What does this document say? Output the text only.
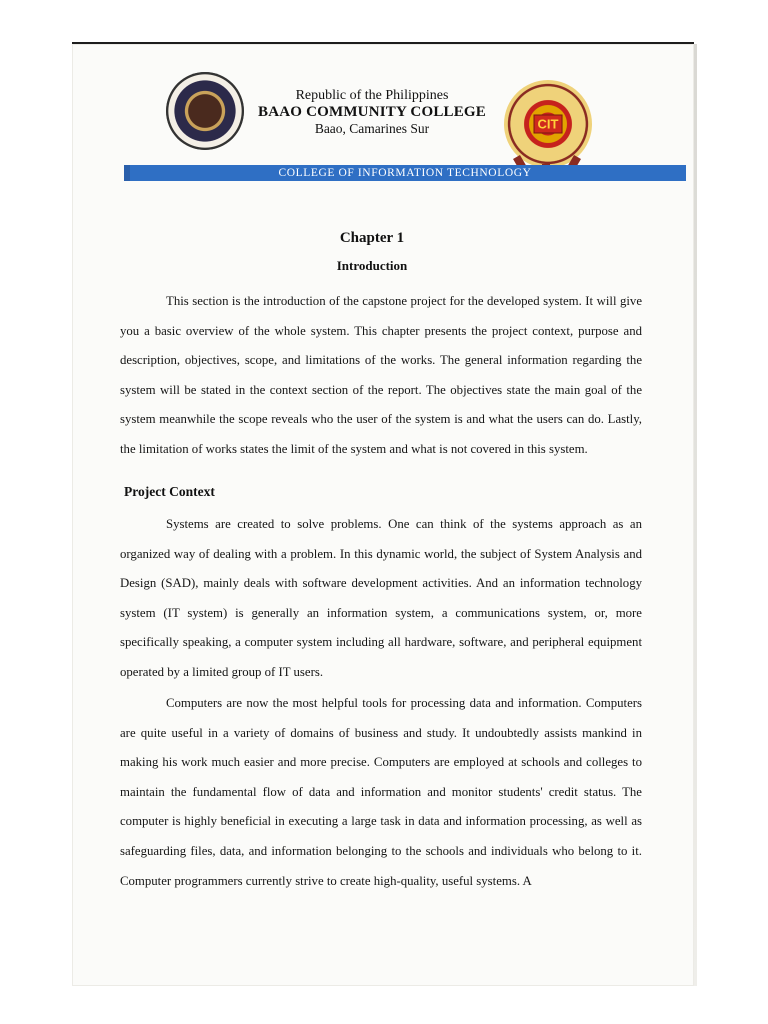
Republic of the Philippines
BAAO COMMUNITY COLLEGE
Baao, Camarines Sur	CIT
COLLEGE OF INFORMATION TECHNOLOGY
Chapter 1
Introduction

This section is the introduction of the capstone project for the developed system. It will give you a basic overview of the whole system. This chapter presents the project context, purpose and description, objectives, scope, and limitations of the works. The general information regarding the system will be stated in the context section of the report. The objectives state the main goal of the system meanwhile the scope reveals who the user of the system is and what the users can do. Lastly, the limitation of works states the limit of the system and what is not covered in this system.

Project Context

Systems are created to solve problems. One can think of the systems approach as an organized way of dealing with a problem. In this dynamic world, the subject of System Analysis and Design (SAD), mainly deals with software development activities. And an information technology system (IT system) is generally an information system, a communications system, or, more specifically speaking, a computer system including all hardware, software, and peripheral equipment operated by a limited group of IT users.

Computers are now the most helpful tools for processing data and information. Computers are quite useful in a variety of domains of business and study. It undoubtedly assists mankind in making his work much easier and more precise. Computers are employed at schools and colleges to maintain the fundamental flow of data and information and monitor students' credit status. The computer is highly beneficial in executing a large task in data and information processing, as well as safeguarding files, data, and information belonging to the schools and individuals who belong to it. Computer programmers currently strive to create high-quality, useful systems. A
